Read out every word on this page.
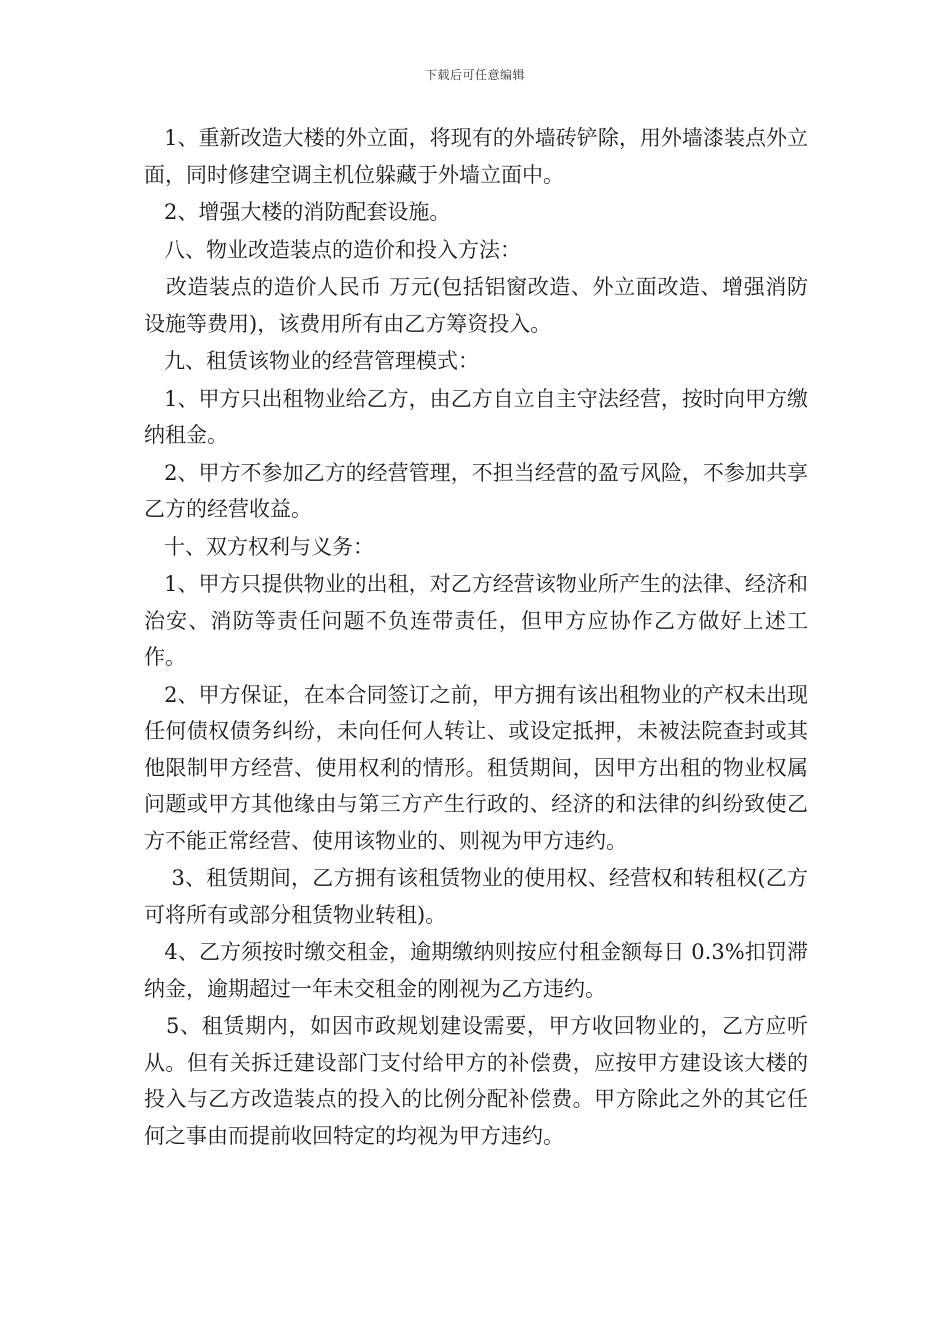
下载后可任意编辑

1、重新改造大楼的外立面，将现有的外墙砖铲除，用外墙漆装点外立面，同时修建空调主机位躲藏于外墙立面中。

2、增强大楼的消防配套设施。

八、物业改造装点的造价和投入方法：

改造装点的造价人民币 万元(包括铝窗改造、外立面改造、增强消防设施等费用)，该费用所有由乙方筹资投入。

九、租赁该物业的经营管理模式：

1、甲方只出租物业给乙方，由乙方自立自主守法经营，按时向甲方缴纳租金。

2、甲方不参加乙方的经营管理，不担当经营的盈亏风险，不参加共享乙方的经营收益。

十、双方权利与义务：

1、甲方只提供物业的出租，对乙方经营该物业所产生的法律、经济和治安、消防等责任问题不负连带责任，但甲方应协作乙方做好上述工作。

2、甲方保证，在本合同签订之前，甲方拥有该出租物业的产权未出现任何债权债务纠纷，未向任何人转让、或设定抵押，未被法院查封或其他限制甲方经营、使用权利的情形。租赁期间，因甲方出租的物业权属问题或甲方其他缘由与第三方产生行政的、经济的和法律的纠纷致使乙方不能正常经营、使用该物业的、则视为甲方违约。

3、租赁期间，乙方拥有该租赁物业的使用权、经营权和转租权(乙方可将所有或部分租赁物业转租)。

4、乙方须按时缴交租金，逾期缴纳则按应付租金额每日 0.3%扣罚滞纳金，逾期超过一年未交租金的刚视为乙方违约。

5、租赁期内，如因市政规划建设需要，甲方收回物业的，乙方应听从。但有关拆迁建设部门支付给甲方的补偿费，应按甲方建设该大楼的投入与乙方改造装点的投入的比例分配补偿费。甲方除此之外的其它任何之事由而提前收回特定的均视为甲方违约。
